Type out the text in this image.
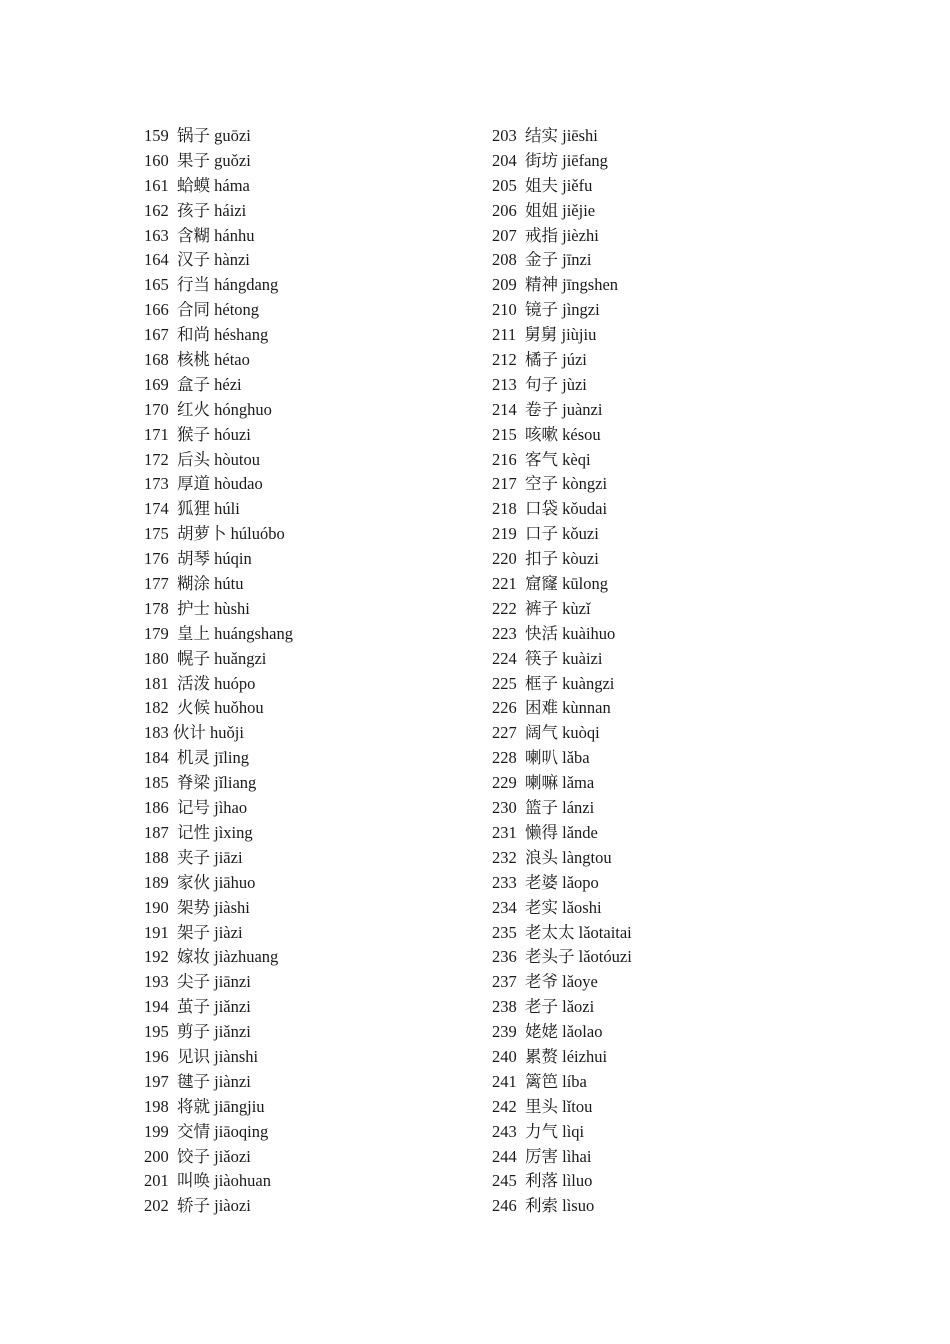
159  锅子 guōzi
160  果子 guǒzi
161  蛤蟆 háma
162  孩子 háizi
163  含糊 hánhu
164  汉子 hànzi
165  行当 hángdang
166  合同 hétong
167  和尚 héshang
168  核桃 hétao
169  盒子 hézi
170  红火 hónghuo
171  猴子 hóuzi
172  后头 hòutou
173  厚道 hòudao
174  狐狸 húli
175  胡萝卜 húluóbo
176  胡琴 húqin
177  糊涂 hútu
178  护士 hùshi
179  皇上 huángshang
180  幌子 huǎngzi
181  活泼 huópo
182  火候 huǒhou
183 伙计 huǒji
184  机灵 jīling
185  脊梁 jǐliang
186  记号 jìhao
187  记性 jìxing
188  夹子 jiāzi
189  家伙 jiāhuo
190  架势 jiàshi
191  架子 jiàzi
192  嫁妆 jiàzhuang
193  尖子 jiānzi
194  茧子 jiǎnzi
195  剪子 jiǎnzi
196  见识 jiànshi
197  毽子 jiànzi
198  将就 jiāngjiu
199  交情 jiāoqing
200  饺子 jiǎozi
201  叫唤 jiàohuan
202  轿子 jiàozi
203  结实 jiēshi
204  街坊 jiēfang
205  姐夫 jiěfu
206  姐姐 jiějie
207  戒指 jièzhi
208  金子 jīnzi
209  精神 jīngshen
210  镜子 jìngzi
211  舅舅 jiùjiu
212  橘子 júzi
213  句子 jùzi
214  卷子 juànzi
215  咳嗽 késou
216  客气 kèqi
217  空子 kòngzi
218  口袋 kǒudai
219  口子 kǒuzi
220  扣子 kòuzi
221  窟窿 kūlong
222  裤子 kùzǐ
223  快活 kuàihuo
224  筷子 kuàizi
225  框子 kuàngzi
226  困难 kùnnan
227  阔气 kuòqi
228  喇叭 lǎba
229  喇嘛 lǎma
230  篮子 lánzi
231  懒得 lǎnde
232  浪头 làngtou
233  老婆 lǎopo
234  老实 lǎoshi
235  老太太 lǎotaitai
236  老头子 lǎotóuzi
237  老爷 lǎoye
238  老子 lǎozi
239  姥姥 lǎolao
240  累赘 léizhui
241  篱笆 líba
242  里头 lǐtou
243  力气 lìqi
244  厉害 lìhai
245  利落 lìluo
246  利索 lìsuo
